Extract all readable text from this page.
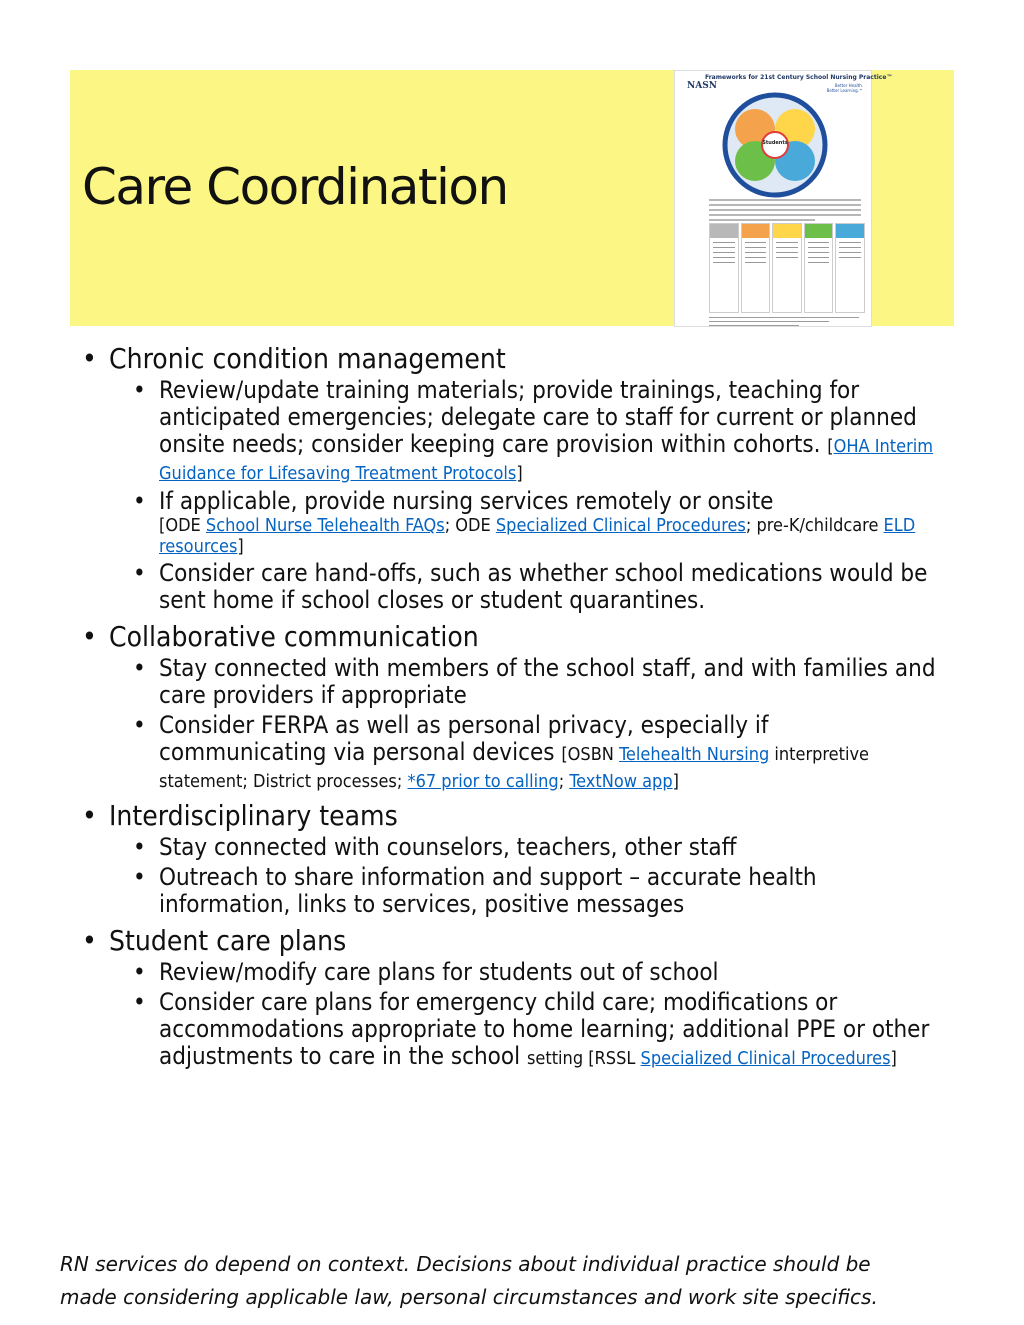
Care Coordination
Frameworks for 21st Century School Nursing Practice™
NASN	Better Health. Better Learning.™
Students
• Chronic condition management
• Review/update training materials; provide trainings, teaching for anticipated emergencies; delegate care to staff for current or planned onsite needs; consider keeping care provision within cohorts. [OHA Interim Guidance for Lifesaving Treatment Protocols]
• If applicable, provide nursing services remotely or onsite
[ODE School Nurse Telehealth FAQs; ODE Specialized Clinical Procedures; pre-K/childcare ELD resources]
• Consider care hand-offs, such as whether school medications would be sent home if school closes or student quarantines.
• Collaborative communication
• Stay connected with members of the school staff, and with families and care providers if appropriate
• Consider FERPA as well as personal privacy, especially if communicating via personal devices [OSBN Telehealth Nursing interpretive statement; District processes; *67 prior to calling; TextNow app]
• Interdisciplinary teams
• Stay connected with counselors, teachers, other staff
• Outreach to share information and support – accurate health information, links to services, positive messages
• Student care plans
• Review/modify care plans for students out of school
• Consider care plans for emergency child care; modifications or accommodations appropriate to home learning; additional PPE or other adjustments to care in the school setting [RSSL Specialized Clinical Procedures]
RN services do depend on context. Decisions about individual practice should be
made considering applicable law, personal circumstances and work site specifics.
